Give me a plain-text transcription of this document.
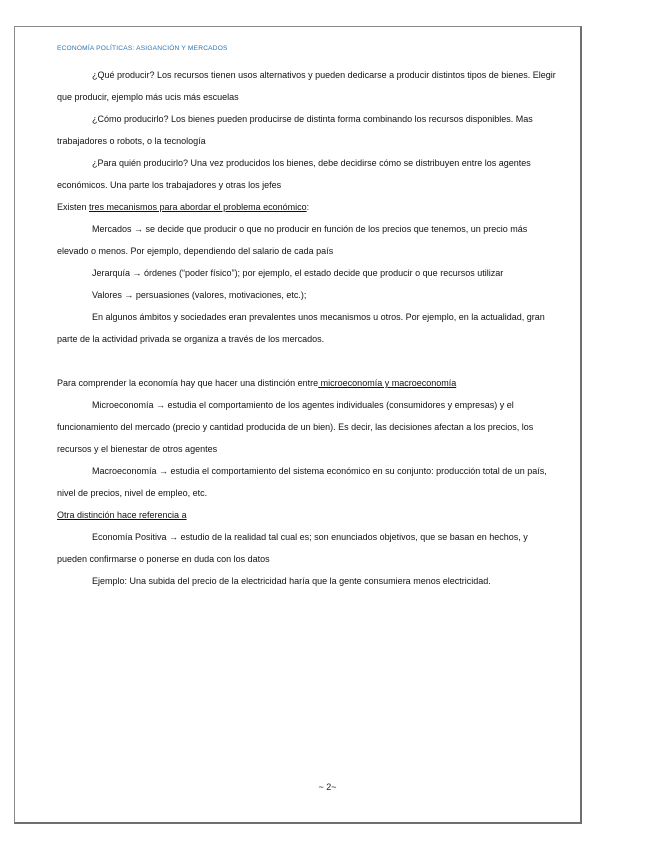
¿Qué producir? Los recursos tienen usos alternativos y pueden dedicarse a producir distintos tipos de bienes. Elegir que producir, ejemplo más ucis más escuelas

¿Cómo producirlo? Los bienes pueden producirse de distinta forma combinando los recursos disponibles. Mas trabajadores o robots, o la tecnología

¿Para quién producirlo? Una vez producidos los bienes, debe decidirse cómo se distribuyen entre los agentes económicos. Una parte los trabajadores y otras los jefes

Existen tres mecanismos para abordar el problema económico:

Mercados → se decide que producir o que no producir en función de los precios que tenemos, un precio más elevado o menos. Por ejemplo, dependiendo del salario de cada país

Jerarquía → órdenes (“poder físico”); por ejemplo, el estado decide que producir o que recursos utilizar

Valores → persuasiones (valores, motivaciones, etc.);

En algunos ámbitos y sociedades eran prevalentes unos mecanismos u otros. Por ejemplo, en la actualidad, gran parte de la actividad privada se organiza a través de los mercados.

Para comprender la economía hay que hacer una distinción entre microeconomía y macroeconomía

Microeconomía → estudia el comportamiento de los agentes individuales (consumidores y empresas) y el funcionamiento del mercado (precio y cantidad producida de un bien). Es decir, las decisiones afectan a los precios, los recursos y el bienestar de otros agentes

Macroeconomía → estudia el comportamiento del sistema económico en su conjunto: producción total de un país, nivel de precios, nivel de empleo, etc.

Otra distinción hace referencia a

Economía Positiva → estudio de la realidad tal cual es; son enunciados objetivos, que se basan en hechos, y pueden confirmarse o ponerse en duda con los datos

Ejemplo: Una subida del precio de la electricidad haría que la gente consumiera menos electricidad.

ECONOMÍA POLÍTICAS: ASIGANCIÓN Y MERCADOS

~ 2~
